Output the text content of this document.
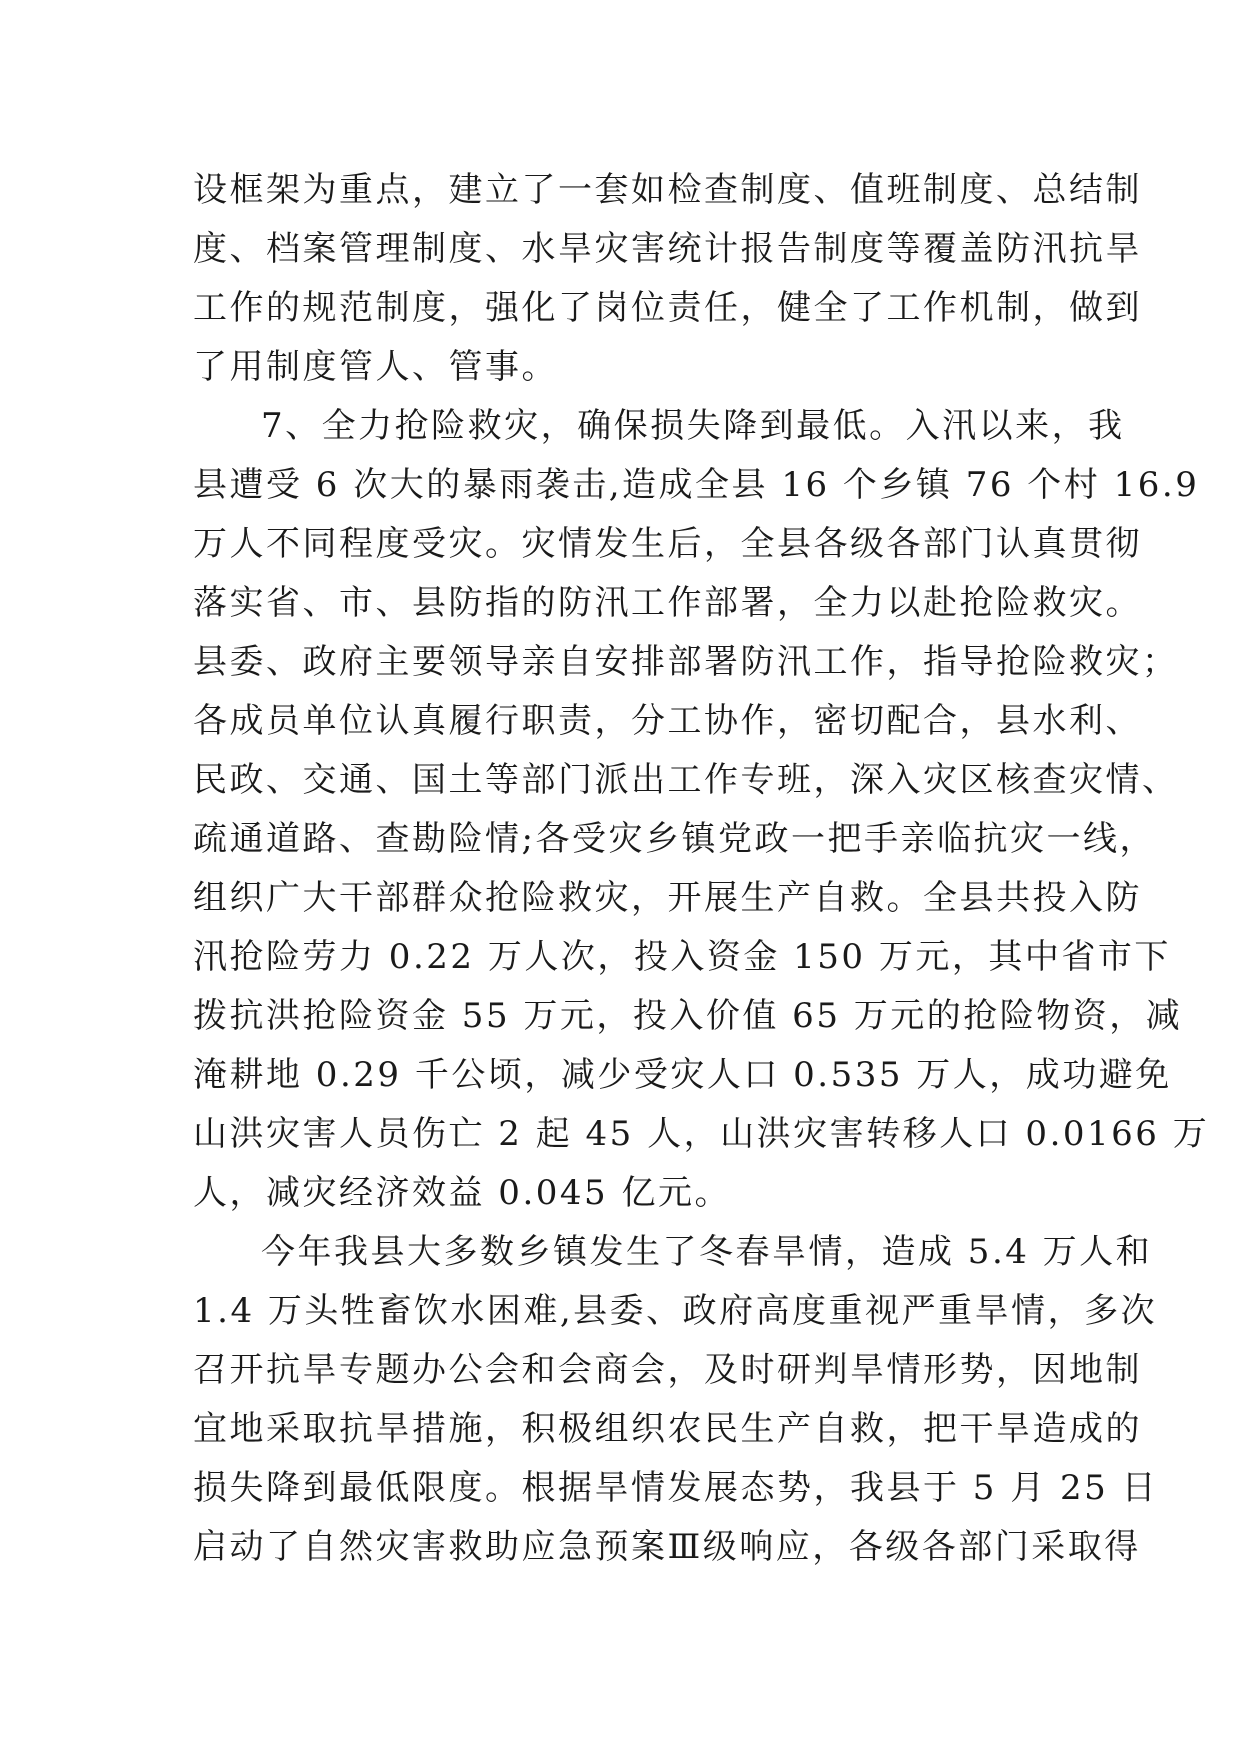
设框架为重点，建立了一套如检查制度、值班制度、总结制
度、档案管理制度、水旱灾害统计报告制度等覆盖防汛抗旱
工作的规范制度，强化了岗位责任，健全了工作机制，做到
了用制度管人、管事。
7、全力抢险救灾，确保损失降到最低。入汛以来，我
县遭受 6 次大的暴雨袭击,造成全县 16 个乡镇 76 个村 16.9
万人不同程度受灾。灾情发生后，全县各级各部门认真贯彻
落实省、市、县防指的防汛工作部署，全力以赴抢险救灾。
县委、政府主要领导亲自安排部署防汛工作，指导抢险救灾；
各成员单位认真履行职责，分工协作，密切配合，县水利、
民政、交通、国土等部门派出工作专班，深入灾区核查灾情、
疏通道路、查勘险情;各受灾乡镇党政一把手亲临抗灾一线，
组织广大干部群众抢险救灾，开展生产自救。全县共投入防
汛抢险劳力 0.22 万人次，投入资金 150 万元，其中省市下
拨抗洪抢险资金 55 万元，投入价值 65 万元的抢险物资，减
淹耕地 0.29 千公顷，减少受灾人口 0.535 万人，成功避免
山洪灾害人员伤亡 2 起 45 人，山洪灾害转移人口 0.0166 万
人，减灾经济效益 0.045 亿元。
今年我县大多数乡镇发生了冬春旱情，造成 5.4 万人和
1.4 万头牲畜饮水困难,县委、政府高度重视严重旱情，多次
召开抗旱专题办公会和会商会，及时研判旱情形势，因地制
宜地采取抗旱措施，积极组织农民生产自救，把干旱造成的
损失降到最低限度。根据旱情发展态势，我县于 5 月 25 日
启动了自然灾害救助应急预案Ⅲ级响应，各级各部门采取得
